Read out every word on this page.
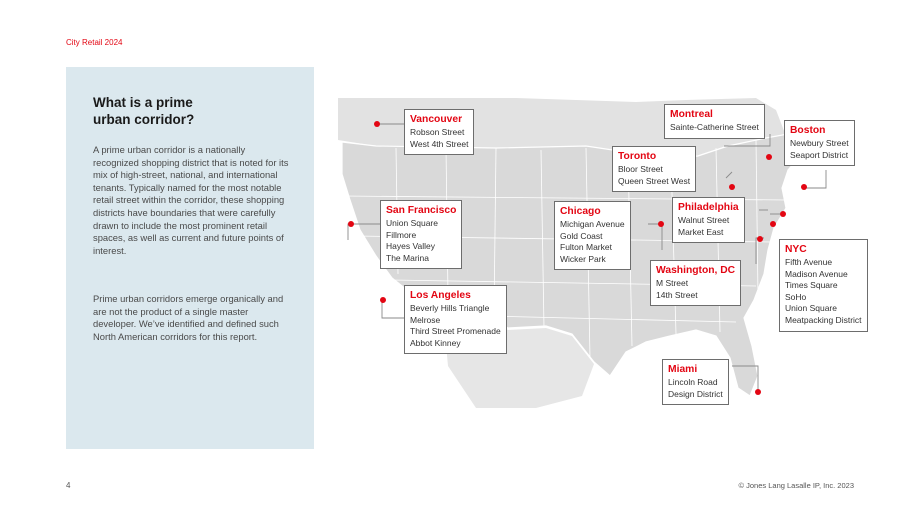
City Retail 2024
What is a prime urban corridor?

A prime urban corridor is a nationally recognized shopping district that is noted for its mix of high-street, national, and international tenants. Typically named for the most notable retail street within the corridor, these shopping districts have boundaries that were carefully drawn to include the most prominent retail spaces, as well as current and future points of interest.

Prime urban corridors emerge organically and are not the product of a single master developer. We’ve identified and defined such North American corridors for this report.

Vancouver
Robson Street
West 4th Street
Montreal
Sainte-Catherine Street	Boston
Newbury Street
Seaport District
Toronto
Bloor Street
Queen Street West
San Francisco
Union Square
Fillmore
Hayes Valley
The Marina
Chicago
Michigan Avenue
Gold Coast
Fulton Market
Wicker Park
Philadelphia
Walnut Street
Market East
NYC
Fifth Avenue
Madison Avenue
Times Square
SoHo
Union Square
Meatpacking District
Washington, DC
M Street
14th Street
Los Angeles
Beverly Hills Triangle
Melrose
Third Street Promenade
Abbot Kinney
Miami
Lincoln Road
Design District
4	© Jones Lang Lasalle IP, Inc. 2023
